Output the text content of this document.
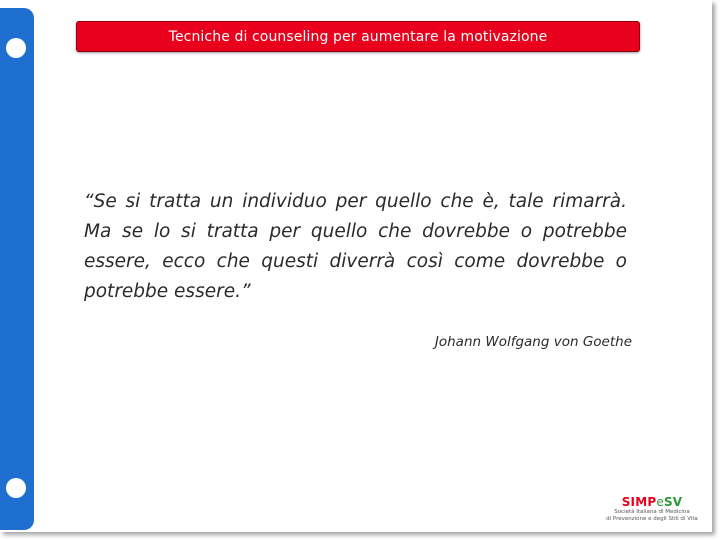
Tecniche di counseling per aumentare la motivazione

“Se si tratta un individuo per quello che è, tale rimarrà. Ma se lo si tratta per quello che dovrebbe o potrebbe essere, ecco che questi diverrà così come dovrebbe o potrebbe essere.”

Johann Wolfgang von Goethe
SIMPeSV
Società Italiana di Medicina
di Prevenzione e degli Stili di Vita
